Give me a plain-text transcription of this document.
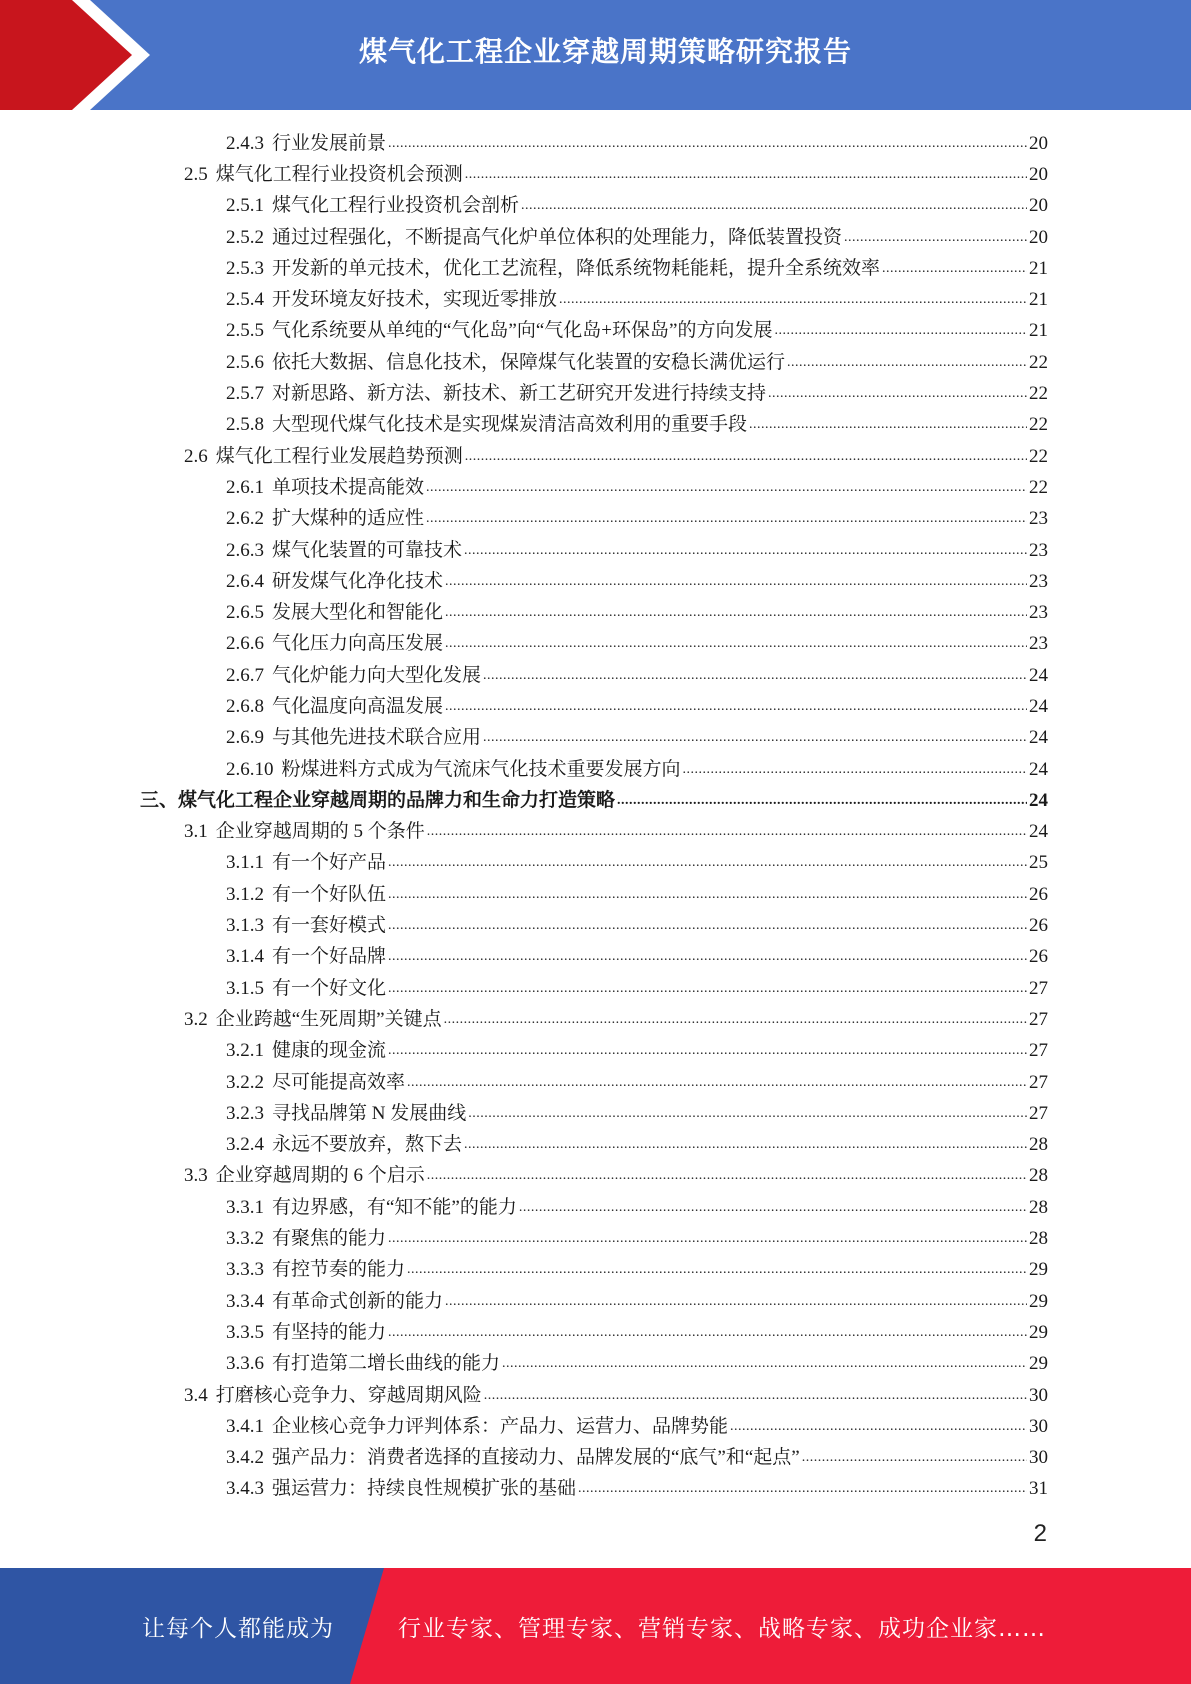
煤气化工程企业穿越周期策略研究报告
2.4.3 行业发展前景 .....	20
2.5 煤气化工程行业投资机会预测 .....	20
2.5.1 煤气化工程行业投资机会剖析 .....	20
2.5.2 通过过程强化，不断提高气化炉单位体积的处理能力，降低装置投资 .....	20
2.5.3 开发新的单元技术，优化工艺流程，降低系统物耗能耗，提升全系统效率 .....	21
2.5.4 开发环境友好技术，实现近零排放 .....	21
2.5.5 气化系统要从单纯的“气化岛”向“气化岛+环保岛”的方向发展 .....	21
2.5.6 依托大数据、信息化技术，保障煤气化装置的安稳长满优运行 .....	22
2.5.7 对新思路、新方法、新技术、新工艺研究开发进行持续支持 .....	22
2.5.8 大型现代煤气化技术是实现煤炭清洁高效利用的重要手段 .....	22
2.6 煤气化工程行业发展趋势预测 .....	22
2.6.1 单项技术提高能效 .....	22
2.6.2 扩大煤种的适应性 .....	23
2.6.3 煤气化装置的可靠技术 .....	23
2.6.4 研发煤气化净化技术 .....	23
2.6.5 发展大型化和智能化 .....	23
2.6.6 气化压力向高压发展 .....	23
2.6.7 气化炉能力向大型化发展 .....	24
2.6.8 气化温度向高温发展 .....	24
2.6.9 与其他先进技术联合应用 .....	24
2.6.10 粉煤进料方式成为气流床气化技术重要发展方向 .....	24
三、 煤气化工程企业穿越周期的品牌力和生命力打造策略 .....	24
3.1 企业穿越周期的 5 个条件 .....	24
3.1.1 有一个好产品 .....	25
3.1.2 有一个好队伍 .....	26
3.1.3 有一套好模式 .....	26
3.1.4 有一个好品牌 .....	26
3.1.5 有一个好文化 .....	27
3.2 企业跨越“生死周期”关键点 .....	27
3.2.1 健康的现金流 .....	27
3.2.2 尽可能提高效率 .....	27
3.2.3 寻找品牌第 N 发展曲线 .....	27
3.2.4 永远不要放弃，熬下去 .....	28
3.3 企业穿越周期的 6 个启示 .....	28
3.3.1 有边界感，有“知不能”的能力 .....	28
3.3.2 有聚焦的能力 .....	28
3.3.3 有控节奏的能力 .....	29
3.3.4 有革命式创新的能力 .....	29
3.3.5 有坚持的能力 .....	29
3.3.6 有打造第二增长曲线的能力 .....	29
3.4 打磨核心竞争力、穿越周期风险 .....	30
3.4.1 企业核心竞争力评判体系：产品力、运营力、品牌势能 .....	30
3.4.2 强产品力：消费者选择的直接动力、品牌发展的“底气”和“起点” .....	30
3.4.3 强运营力：持续良性规模扩张的基础 .....	31
2
让每个人都能成为	行业专家、管理专家、营销专家、战略专家、成功企业家……
